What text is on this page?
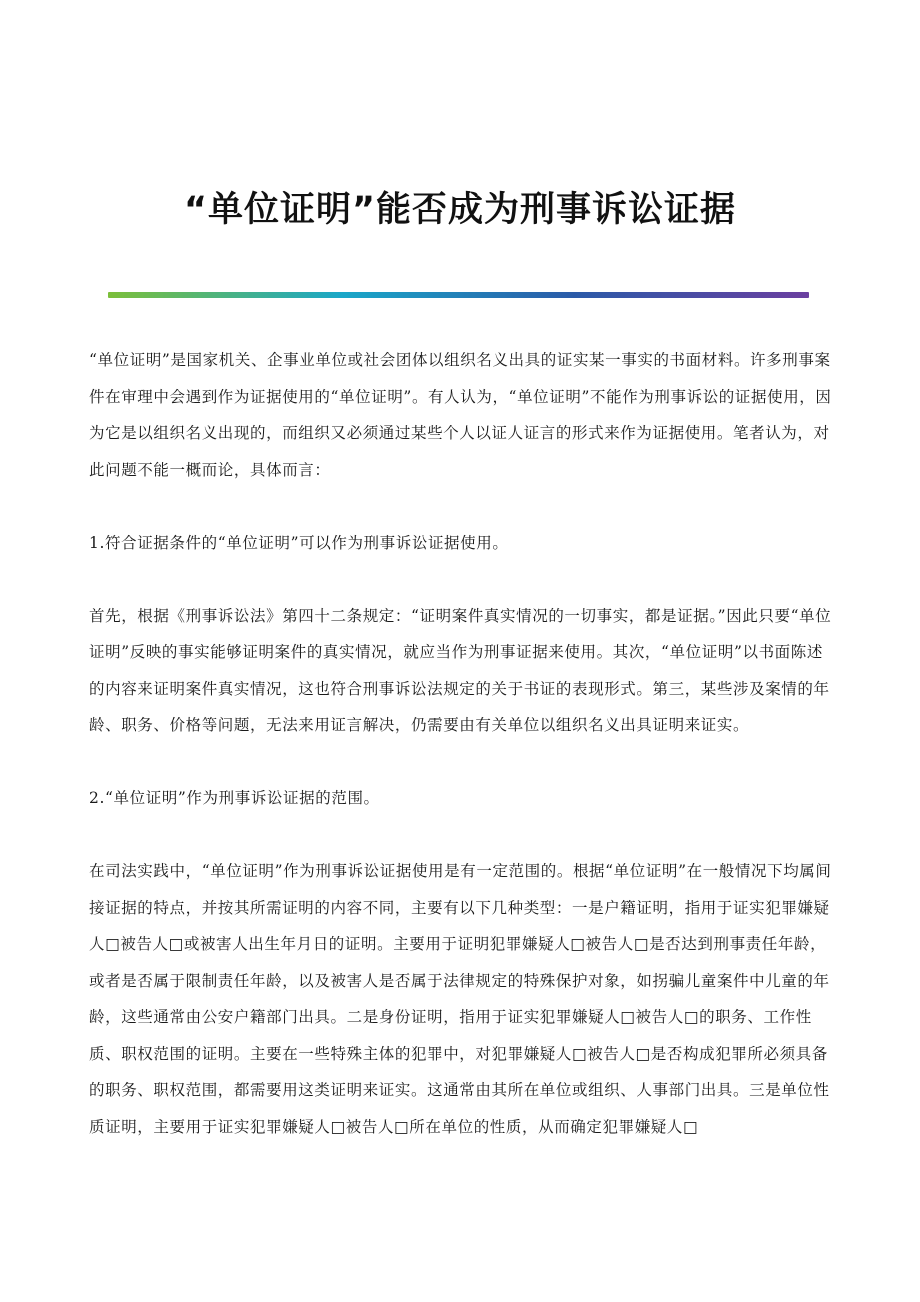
“单位证明”能否成为刑事诉讼证据

“单位证明”是国家机关、企事业单位或社会团体以组织名义出具的证实某一事实的书面材料。许多刑事案件在审理中会遇到作为证据使用的“单位证明”。有人认为，“单位证明”不能作为刑事诉讼的证据使用，因为它是以组织名义出现的，而组织又必须通过某些个人以证人证言的形式来作为证据使用。笔者认为，对此问题不能一概而论，具体而言：

1.符合证据条件的“单位证明”可以作为刑事诉讼证据使用。

首先，根据《刑事诉讼法》第四十二条规定：“证明案件真实情况的一切事实，都是证据。”因此只要“单位证明”反映的事实能够证明案件的真实情况，就应当作为刑事证据来使用。其次，“单位证明”以书面陈述的内容来证明案件真实情况，这也符合刑事诉讼法规定的关于书证的表现形式。第三，某些涉及案情的年龄、职务、价格等问题，无法来用证言解决，仍需要由有关单位以组织名义出具证明来证实。

2.“单位证明”作为刑事诉讼证据的范围。

在司法实践中，“单位证明”作为刑事诉讼证据使用是有一定范围的。根据“单位证明”在一般情况下均属间接证据的特点，并按其所需证明的内容不同，主要有以下几种类型：一是户籍证明，指用于证实犯罪嫌疑人□被告人□或被害人出生年月日的证明。主要用于证明犯罪嫌疑人□被告人□是否达到刑事责任年龄，或者是否属于限制责任年龄，以及被害人是否属于法律规定的特殊保护对象，如拐骗儿童案件中儿童的年龄，这些通常由公安户籍部门出具。二是身份证明，指用于证实犯罪嫌疑人□被告人□的职务、工作性质、职权范围的证明。主要在一些特殊主体的犯罪中，对犯罪嫌疑人□被告人□是否构成犯罪所必须具备的职务、职权范围，都需要用这类证明来证实。这通常由其所在单位或组织、人事部门出具。三是单位性质证明，主要用于证实犯罪嫌疑人□被告人□所在单位的性质，从而确定犯罪嫌疑人□
